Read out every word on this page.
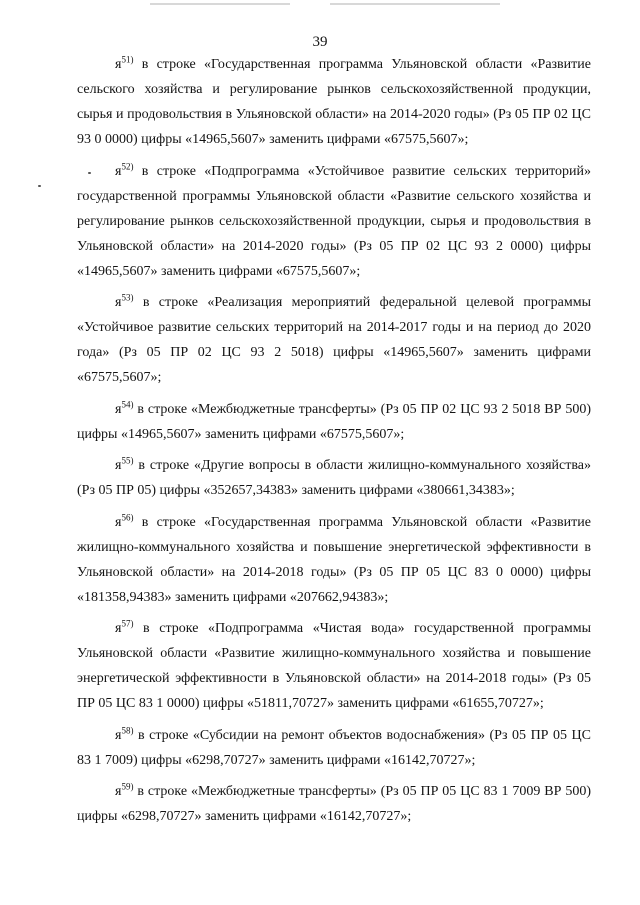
39

$я^{51)}$ в строке «Государственная программа Ульяновской области «Развитие сельского хозяйства и регулирование рынков сельскохозяйственной продукции, сырья и продовольствия в Ульяновской области» на 2014-2020 годы» (Рз 05 ПР 02 ЦС 93 0 0000) цифры «14965,5607» заменить цифрами «67575,5607»;

$я^{52)}$ в строке «Подпрограмма «Устойчивое развитие сельских территорий» государственной программы Ульяновской области «Развитие сельского хозяйства и регулирование рынков сельскохозяйственной продукции, сырья и продовольствия в Ульяновской области» на 2014-2020 годы» (Рз 05 ПР 02 ЦС 93 2 0000) цифры «14965,5607» заменить цифрами «67575,5607»;

$я^{53)}$ в строке «Реализация мероприятий федеральной целевой программы «Устойчивое развитие сельских территорий на 2014-2017 годы и на период до 2020 года» (Рз 05 ПР 02 ЦС 93 2 5018) цифры «14965,5607» заменить цифрами «67575,5607»;

$я^{54)}$ в строке «Межбюджетные трансферты» (Рз 05 ПР 02 ЦС 93 2 5018 ВР 500) цифры «14965,5607» заменить цифрами «67575,5607»;

$я^{55)}$ в строке «Другие вопросы в области жилищно-коммунального хозяйства» (Рз 05 ПР 05) цифры «352657,34383» заменить цифрами «380661,34383»;

$я^{56)}$ в строке «Государственная программа Ульяновской области «Развитие жилищно-коммунального хозяйства и повышение энергетической эффективности в Ульяновской области» на 2014-2018 годы» (Рз 05 ПР 05 ЦС 83 0 0000) цифры «181358,94383» заменить цифрами «207662,94383»;

$я^{57)}$ в строке «Подпрограмма «Чистая вода» государственной программы Ульяновской области «Развитие жилищно-коммунального хозяйства и повышение энергетической эффективности в Ульяновской области» на 2014-2018 годы» (Рз 05 ПР 05 ЦС 83 1 0000) цифры «51811,70727» заменить цифрами «61655,70727»;

$я^{58)}$ в строке «Субсидии на ремонт объектов водоснабжения» (Рз 05 ПР 05 ЦС 83 1 7009) цифры «6298,70727» заменить цифрами «16142,70727»;

$я^{59)}$ в строке «Межбюджетные трансферты» (Рз 05 ПР 05 ЦС 83 1 7009 ВР 500) цифры «6298,70727» заменить цифрами «16142,70727»;
